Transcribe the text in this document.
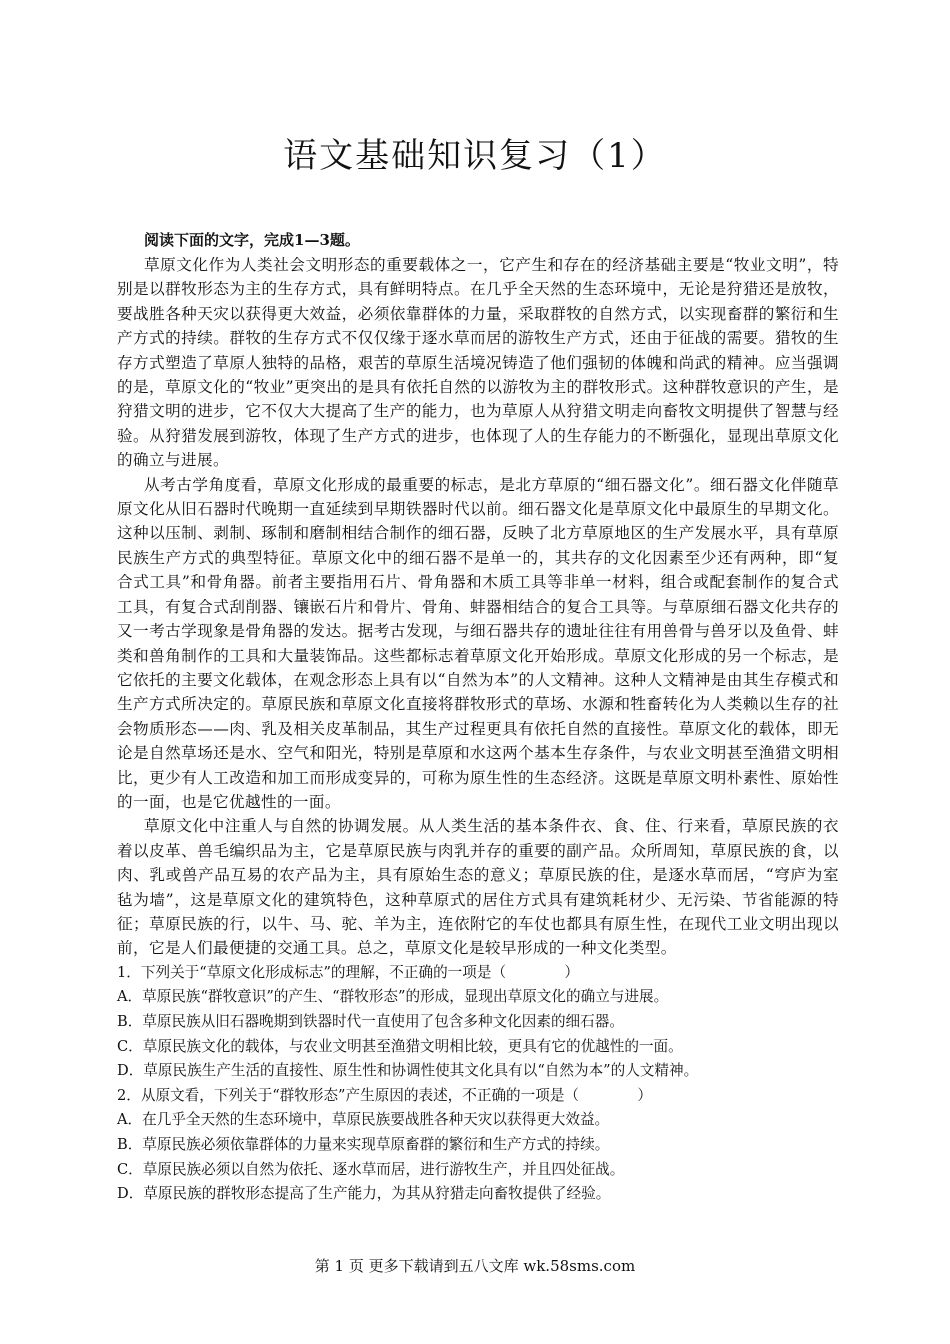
语文基础知识复习（1）
阅读下面的文字，完成1—3题。

草原文化作为人类社会文明形态的重要载体之一，它产生和存在的经济基础主要是“牧业文明”，特别是以群牧形态为主的生存方式，具有鲜明特点。在几乎全天然的生态环境中，无论是狩猎还是放牧，要战胜各种天灾以获得更大效益，必须依靠群体的力量，采取群牧的自然方式，以实现畜群的繁衍和生产方式的持续。群牧的生存方式不仅仅缘于逐水草而居的游牧生产方式，还由于征战的需要。猎牧的生存方式塑造了草原人独特的品格，艰苦的草原生活境况铸造了他们强韧的体魄和尚武的精神。应当强调的是，草原文化的“牧业”更突出的是具有依托自然的以游牧为主的群牧形式。这种群牧意识的产生，是狩猎文明的进步，它不仅大大提高了生产的能力，也为草原人从狩猎文明走向畜牧文明提供了智慧与经验。从狩猎发展到游牧，体现了生产方式的进步，也体现了人的生存能力的不断强化，显现出草原文化的确立与进展。

从考古学角度看，草原文化形成的最重要的标志，是北方草原的“细石器文化”。细石器文化伴随草原文化从旧石器时代晚期一直延续到早期铁器时代以前。细石器文化是草原文化中最原生的早期文化。这种以压制、剥制、琢制和磨制相结合制作的细石器，反映了北方草原地区的生产发展水平，具有草原民族生产方式的典型特征。草原文化中的细石器不是单一的，其共存的文化因素至少还有两种，即“复合式工具”和骨角器。前者主要指用石片、骨角器和木质工具等非单一材料，组合或配套制作的复合式工具，有复合式刮削器、镶嵌石片和骨片、骨角、蚌器相结合的复合工具等。与草原细石器文化共存的又一考古学现象是骨角器的发达。据考古发现，与细石器共存的遗址往往有用兽骨与兽牙以及鱼骨、蚌类和兽角制作的工具和大量装饰品。这些都标志着草原文化开始形成。草原文化形成的另一个标志，是它依托的主要文化载体，在观念形态上具有以“自然为本”的人文精神。这种人文精神是由其生存模式和生产方式所决定的。草原民族和草原文化直接将群牧形式的草场、水源和牲畜转化为人类赖以生存的社会物质形态——肉、乳及相关皮革制品，其生产过程更具有依托自然的直接性。草原文化的载体，即无论是自然草场还是水、空气和阳光，特别是草原和水这两个基本生存条件，与农业文明甚至渔猎文明相比，更少有人工改造和加工而形成变异的，可称为原生性的生态经济。这既是草原文明朴素性、原始性的一面，也是它优越性的一面。

草原文化中注重人与自然的协调发展。从人类生活的基本条件衣、食、住、行来看，草原民族的衣着以皮革、兽毛编织品为主，它是草原民族与肉乳并存的重要的副产品。众所周知，草原民族的食，以肉、乳或兽产品互易的农产品为主，具有原始生态的意义；草原民族的住，是逐水草而居，“穹庐为室毡为墙”，这是草原文化的建筑特色，这种草原式的居住方式具有建筑耗材少、无污染、节省能源的特征；草原民族的行，以牛、马、驼、羊为主，连依附它的车仗也都具有原生性，在现代工业文明出现以前，它是人们最便捷的交通工具。总之，草原文化是较早形成的一种文化类型。

1．下列关于“草原文化形成标志”的理解，不正确的一项是（　　　　）
A．草原民族“群牧意识”的产生、“群牧形态”的形成，显现出草原文化的确立与进展。
B．草原民族从旧石器晚期到铁器时代一直使用了包含多种文化因素的细石器。
C．草原民族文化的载体，与农业文明甚至渔猎文明相比较，更具有它的优越性的一面。
D．草原民族生产生活的直接性、原生性和协调性使其文化具有以“自然为本”的人文精神。
2．从原文看，下列关于“群牧形态”产生原因的表述，不正确的一项是（　　　　）
A．在几乎全天然的生态环境中，草原民族要战胜各种天灾以获得更大效益。
B．草原民族必须依靠群体的力量来实现草原畜群的繁衍和生产方式的持续。
C．草原民族必须以自然为依托、逐水草而居，进行游牧生产，并且四处征战。
D．草原民族的群牧形态提高了生产能力，为其从狩猎走向畜牧提供了经验。
第 1 页 更多下载请到五八文库 wk.58sms.com
